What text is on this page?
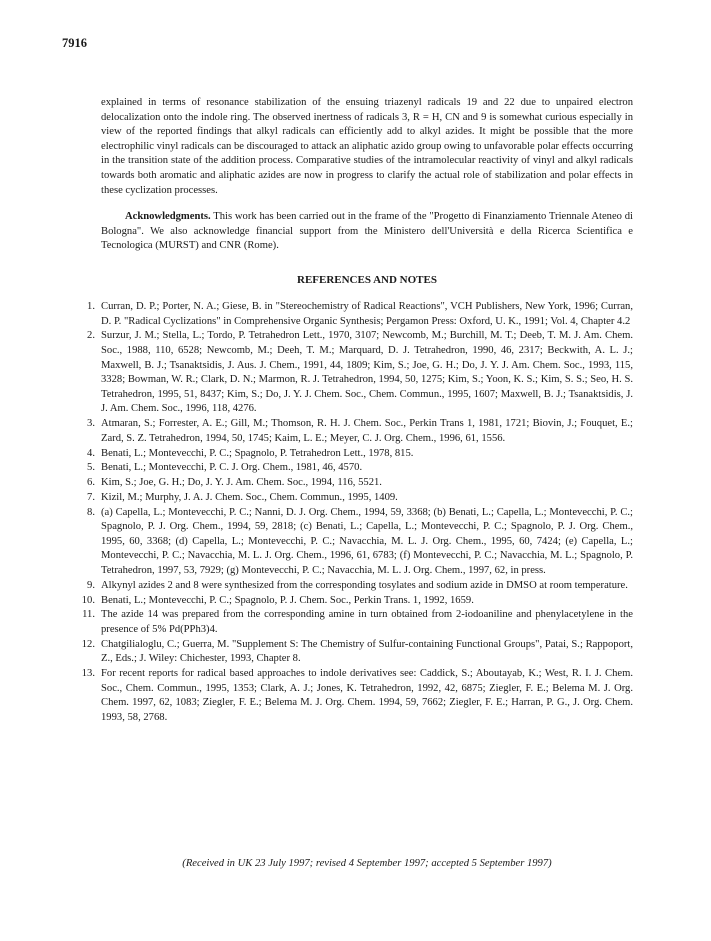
7916
explained in terms of resonance stabilization of the ensuing triazenyl radicals 19 and 22 due to unpaired electron delocalization onto the indole ring. The observed inertness of radicals 3, R = H, CN and 9 is somewhat curious especially in view of the reported findings that alkyl radicals can efficiently add to alkyl azides. It might be possible that the more electrophilic vinyl radicals can be discouraged to attack an aliphatic azido group owing to unfavorable polar effects occurring in the transition state of the addition process. Comparative studies of the intramolecular reactivity of vinyl and alkyl radicals towards both aromatic and aliphatic azides are now in progress to clarify the actual role of stabilization and polar effects in these cyclization processes.
Acknowledgments. This work has been carried out in the frame of the "Progetto di Finanziamento Triennale Ateneo di Bologna". We also acknowledge financial support from the Ministero dell'Università e della Ricerca Scientifica e Tecnologica (MURST) and CNR (Rome).
REFERENCES AND NOTES
1. Curran, D. P.; Porter, N. A.; Giese, B. in "Stereochemistry of Radical Reactions", VCH Publishers, New York, 1996; Curran, D. P. "Radical Cyclizations" in Comprehensive Organic Synthesis; Pergamon Press: Oxford, U. K., 1991; Vol. 4, Chapter 4.2
2. Surzur, J. M.; Stella, L.; Tordo, P. Tetrahedron Lett., 1970, 3107; Newcomb, M.; Burchill, M. T.; Deeb, T. M. J. Am. Chem. Soc., 1988, 110, 6528; Newcomb, M.; Deeh, T. M.; Marquard, D. J. Tetrahedron, 1990, 46, 2317; Beckwith, A. L. J.; Maxwell, B. J.; Tsanaktsidis, J. Aus. J. Chem., 1991, 44, 1809; Kim, S.; Joe, G. H.; Do, J. Y. J. Am. Chem. Soc., 1993, 115, 3328; Bowman, W. R.; Clark, D. N.; Marmon, R. J. Tetrahedron, 1994, 50, 1275; Kim, S.; Yoon, K. S.; Kim, S. S.; Seo, H. S. Tetrahedron, 1995, 51, 8437; Kim, S.; Do, J. Y. J. Chem. Soc., Chem. Commun., 1995, 1607; Maxwell, B. J.; Tsanaktsidis, J. J. Am. Chem. Soc., 1996, 118, 4276.
3. Atmaran, S.; Forrester, A. E.; Gill, M.; Thomson, R. H. J. Chem. Soc., Perkin Trans 1, 1981, 1721; Biovin, J.; Fouquet, E.; Zard, S. Z. Tetrahedron, 1994, 50, 1745; Kaim, L. E.; Meyer, C. J. Org. Chem., 1996, 61, 1556.
4. Benati, L.; Montevecchi, P. C.; Spagnolo, P. Tetrahedron Lett., 1978, 815.
5. Benati, L.; Montevecchi, P. C. J. Org. Chem., 1981, 46, 4570.
6. Kim, S.; Joe, G. H.; Do, J. Y. J. Am. Chem. Soc., 1994, 116, 5521.
7. Kizil, M.; Murphy, J. A. J. Chem. Soc., Chem. Commun., 1995, 1409.
8. (a) Capella, L.; Montevecchi, P. C.; Nanni, D. J. Org. Chem., 1994, 59, 3368; (b) Benati, L.; Capella, L.; Montevecchi, P. C.; Spagnolo, P. J. Org. Chem., 1994, 59, 2818; (c) Benati, L.; Capella, L.; Montevecchi, P. C.; Spagnolo, P. J. Org. Chem., 1995, 60, 3368; (d) Capella, L.; Montevecchi, P. C.; Navacchia, M. L. J. Org. Chem., 1995, 60, 7424; (e) Capella, L.; Montevecchi, P. C.; Navacchia, M. L. J. Org. Chem., 1996, 61, 6783; (f) Montevecchi, P. C.; Navacchia, M. L.; Spagnolo, P. Tetrahedron, 1997, 53, 7929; (g) Montevecchi, P. C.; Navacchia, M. L. J. Org. Chem., 1997, 62, in press.
9. Alkynyl azides 2 and 8 were synthesized from the corresponding tosylates and sodium azide in DMSO at room temperature.
10. Benati, L.; Montevecchi, P. C.; Spagnolo, P. J. Chem. Soc., Perkin Trans. 1, 1992, 1659.
11. The azide 14 was prepared from the corresponding amine in turn obtained from 2-iodoaniline and phenylacetylene in the presence of 5% Pd(PPh3)4.
12. Chatgilialoglu, C.; Guerra, M. "Supplement S: The Chemistry of Sulfur-containing Functional Groups", Patai, S.; Rappoport, Z., Eds.; J. Wiley: Chichester, 1993, Chapter 8.
13. For recent reports for radical based approaches to indole derivatives see: Caddick, S.; Aboutayab, K.; West, R. I. J. Chem. Soc., Chem. Commun., 1995, 1353; Clark, A. J.; Jones, K. Tetrahedron, 1992, 42, 6875; Ziegler, F. E.; Belema M. J. Org. Chem. 1997, 62, 1083; Ziegler, F. E.; Belema M. J. Org. Chem. 1994, 59, 7662; Ziegler, F. E.; Harran, P. G., J. Org. Chem. 1993, 58, 2768.
(Received in UK 23 July 1997; revised 4 September 1997; accepted 5 September 1997)
